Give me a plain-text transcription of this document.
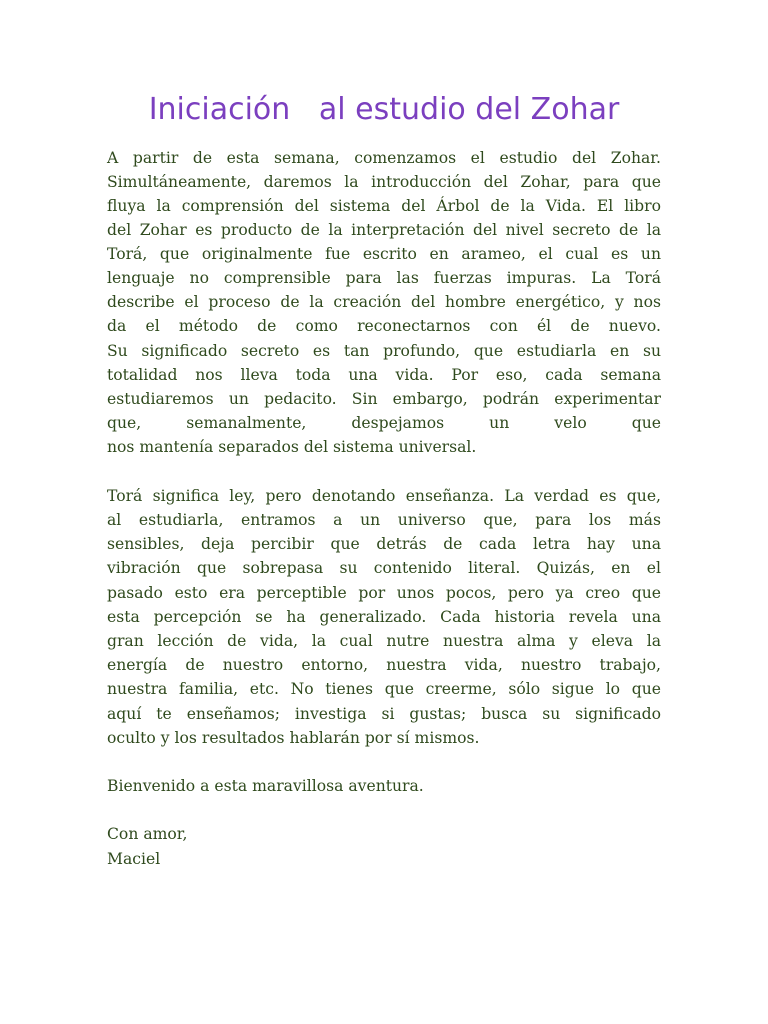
Iniciación   al estudio del Zohar

A partir de esta semana, comenzamos el estudio del Zohar.

Simultáneamente, daremos la introducción del Zohar, para que

fluya la comprensión del sistema del Árbol de la Vida. El libro

del Zohar es producto de la interpretación del nivel secreto de la

Torá, que originalmente fue escrito en arameo, el cual es un

lenguaje no comprensible para las fuerzas impuras. La Torá

describe el proceso de la creación del hombre energético, y nos

da el método de como reconectarnos con él de nuevo.

Su significado secreto es tan profundo, que estudiarla en su

totalidad nos lleva toda una vida. Por eso, cada semana

estudiaremos un pedacito. Sin embargo, podrán experimentar

que, semanalmente, despejamos un velo que

nos mantenía separados del sistema universal.

Torá significa ley, pero denotando enseñanza. La verdad es que,

al estudiarla, entramos a un universo que, para los más

sensibles, deja percibir que detrás de cada letra hay una

vibración que sobrepasa su contenido literal. Quizás, en el

pasado esto era perceptible por unos pocos, pero ya creo que

esta percepción se ha generalizado. Cada historia revela una

gran lección de vida, la cual nutre nuestra alma y eleva la

energía de nuestro entorno, nuestra vida, nuestro trabajo,

nuestra familia, etc. No tienes que creerme, sólo sigue lo que

aquí te enseñamos; investiga si gustas; busca su significado

oculto y los resultados hablarán por sí mismos.

Bienvenido a esta maravillosa aventura.

Con amor,

Maciel
